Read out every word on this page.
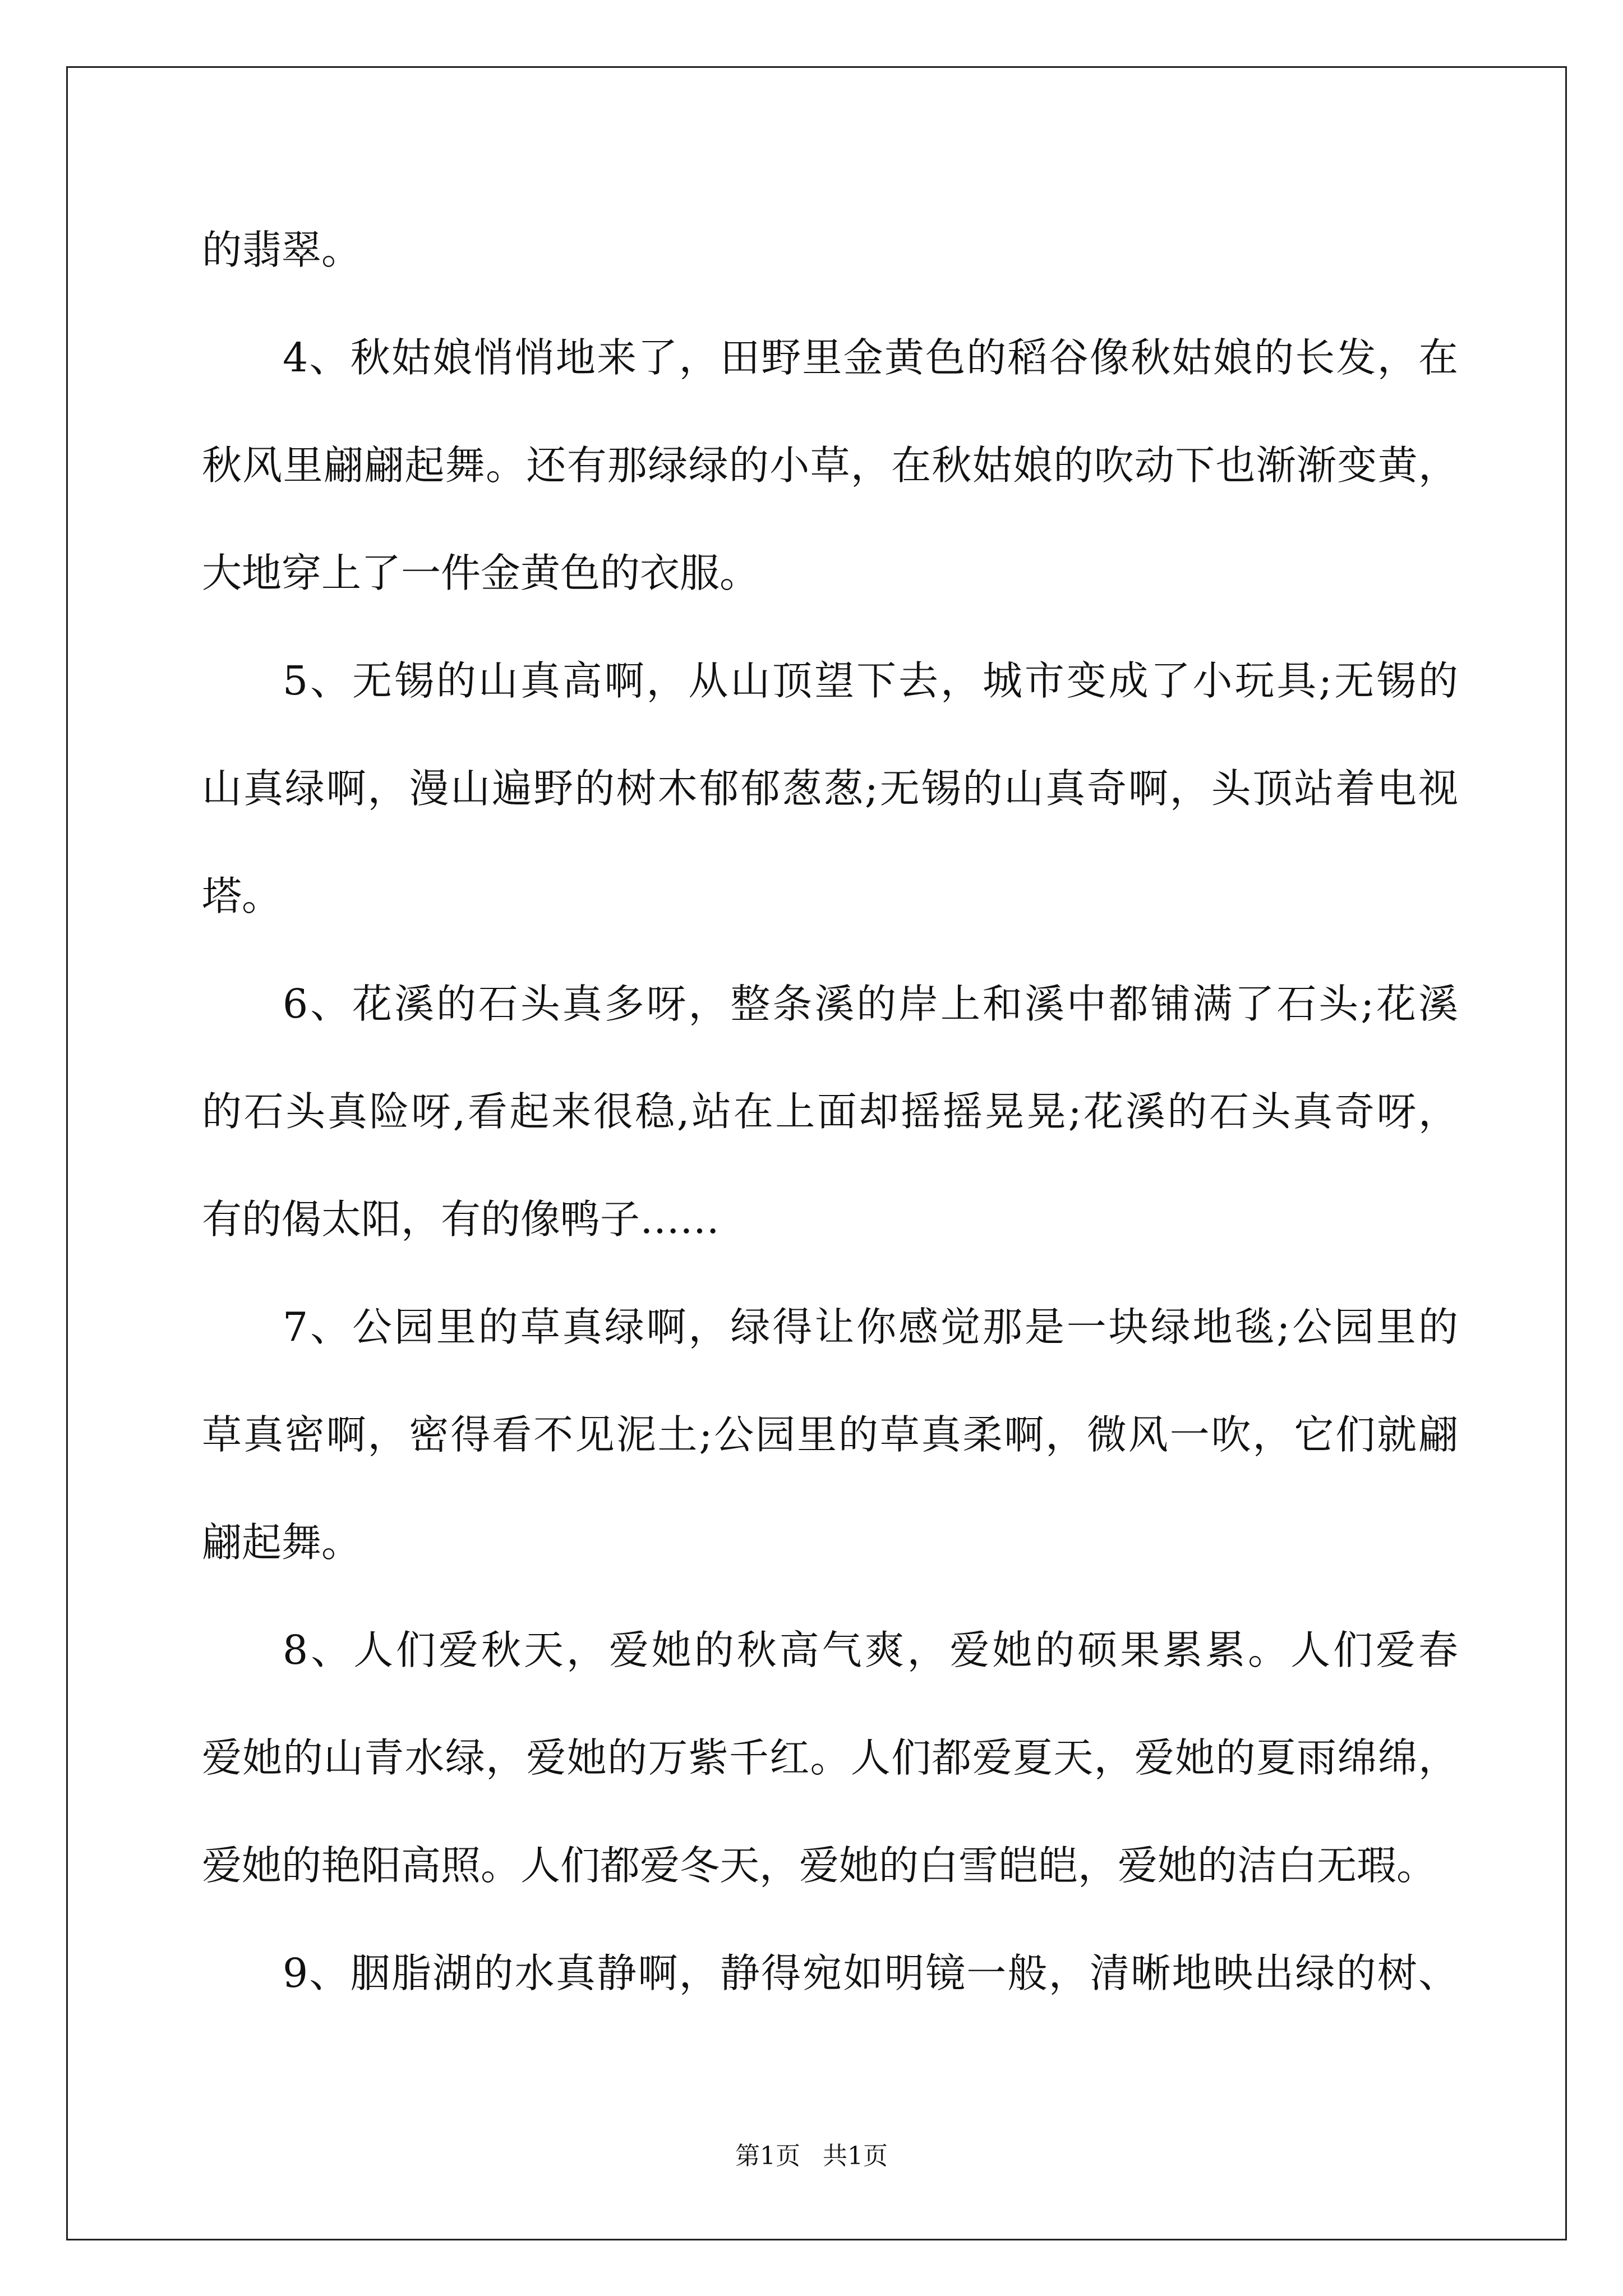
的翡翠。
4、秋姑娘悄悄地来了，田野里金黄色的稻谷像秋姑娘的长发，在
秋风里翩翩起舞。还有那绿绿的小草，在秋姑娘的吹动下也渐渐变黄，
大地穿上了一件金黄色的衣服。
5、无锡的山真高啊，从山顶望下去，城市变成了小玩具;无锡的
山真绿啊，漫山遍野的树木郁郁葱葱;无锡的山真奇啊，头顶站着电视
塔。
6、花溪的石头真多呀，整条溪的岸上和溪中都铺满了石头;花溪
的石头真险呀,看起来很稳,站在上面却摇摇晃晃;花溪的石头真奇呀，
有的偈太阳，有的像鸭子……
7、公园里的草真绿啊，绿得让你感觉那是一块绿地毯;公园里的
草真密啊，密得看不见泥土;公园里的草真柔啊，微风一吹，它们就翩
翩起舞。
8、人们爱秋天，爱她的秋高气爽，爱她的硕果累累。人们爱春
爱她的山青水绿，爱她的万紫千红。人们都爱夏天，爱她的夏雨绵绵，
爱她的艳阳高照。人们都爱冬天，爱她的白雪皑皑，爱她的洁白无瑕。
9、胭脂湖的水真静啊，静得宛如明镜一般，清晰地映出绿的树、
第1页 共1页
